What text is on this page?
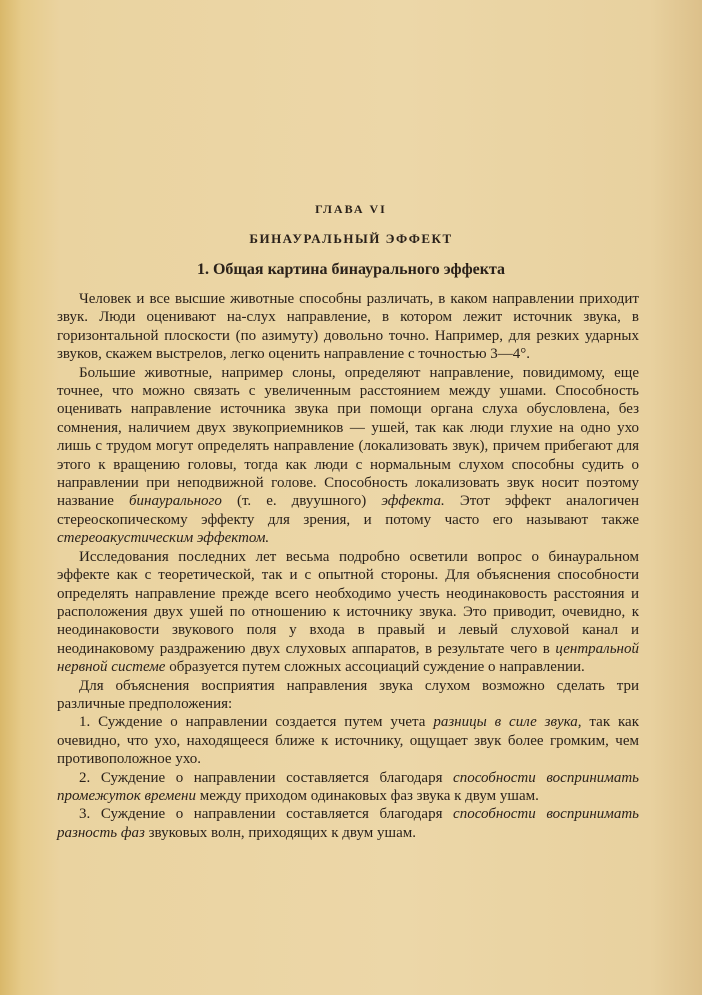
ГЛАВА VI
БИНАУРАЛЬНЫЙ ЭФФЕКТ
1. Общая картина бинаурального эффекта

Человек и все высшие животные способны различать, в каком направлении приходит звук. Люди оценивают на-слух направление, в котором лежит источник звука, в горизонтальной плоскости (по азимуту) довольно точно. Например, для резких ударных звуков, скажем выстрелов, легко оценить направление с точностью 3—4°.

Большие животные, например слоны, определяют направление, повидимому, еще точнее, что можно связать с увеличенным расстоянием между ушами. Способность оценивать направление источника звука при помощи органа слуха обусловлена, без сомнения, наличием двух звукоприемников — ушей, так как люди глухие на одно ухо лишь с трудом могут определять направление (локализовать звук), причем прибегают для этого к вращению головы, тогда как люди с нормальным слухом способны судить о направлении при неподвижной голове. Способность локализовать звук носит поэтому название бинаурального (т. е. двуушного) эффекта. Этот эффект аналогичен стереоскопическому эффекту для зрения, и потому часто его называют также стереоакустическим эффектом.

Исследования последних лет весьма подробно осветили вопрос о бинауральном эффекте как с теоретической, так и с опытной стороны. Для объяснения способности определять направление прежде всего необходимо учесть неодинаковость расстояния и расположения двух ушей по отношению к источнику звука. Это приводит, очевидно, к неодинаковости звукового поля у входа в правый и левый слуховой канал и неодинаковому раздражению двух слуховых аппаратов, в результате чего в центральной нервной системе образуется путем сложных ассоциаций суждение о направлении.

Для объяснения восприятия направления звука слухом возможно сделать три различные предположения:

1. Суждение о направлении создается путем учета разницы в силе звука, так как очевидно, что ухо, находящееся ближе к источнику, ощущает звук более громким, чем противоположное ухо.

2. Суждение о направлении составляется благодаря способности воспринимать промежуток времени между приходом одинаковых фаз звука к двум ушам.

3. Суждение о направлении составляется благодаря способности воспринимать разность фаз звуковых волн, приходящих к двум ушам.
